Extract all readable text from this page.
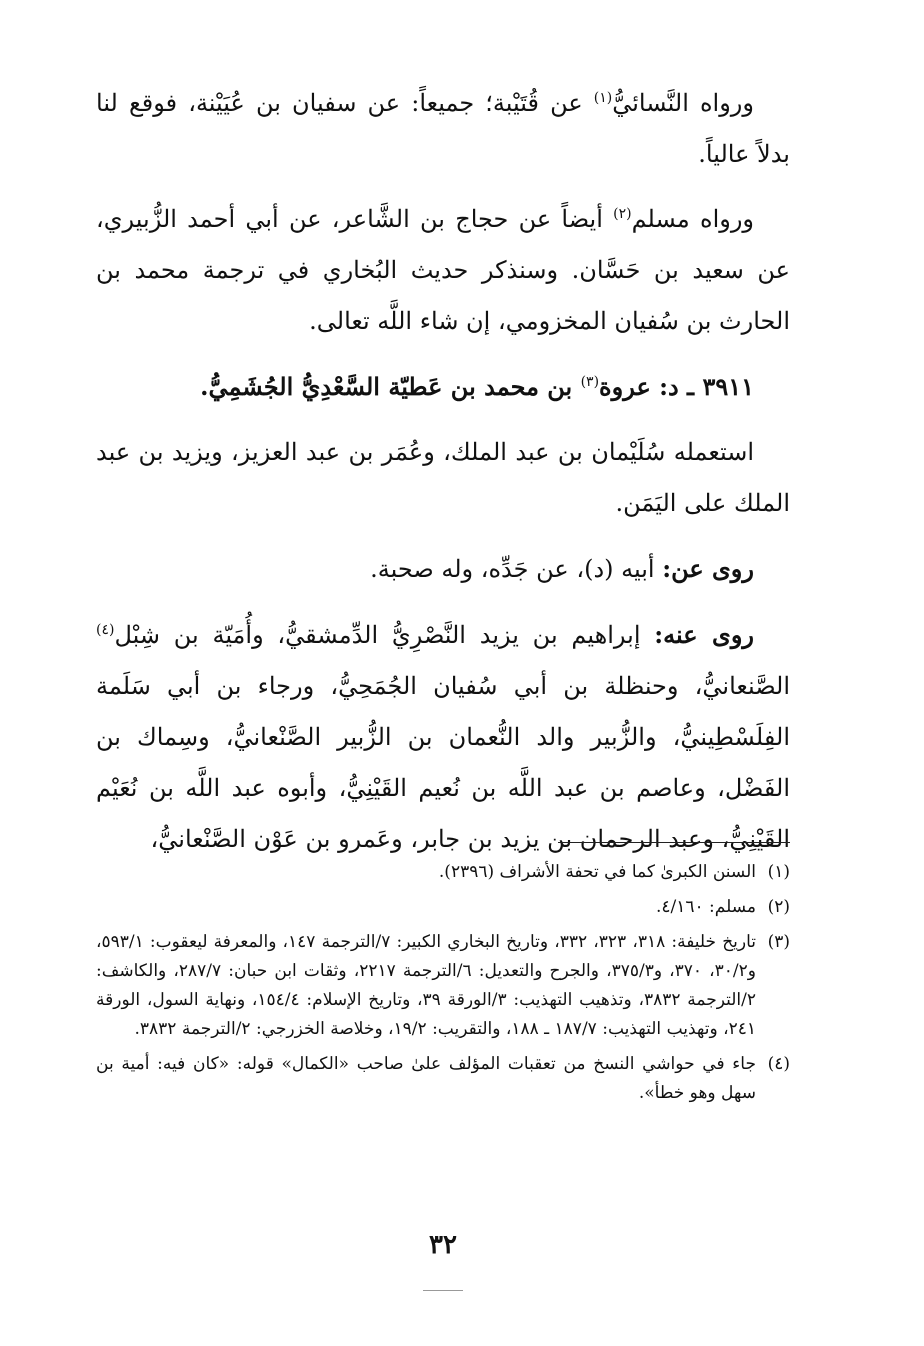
ورواه النَّسائيُّ$^{(١)}$ عن قُتَيْبة؛ جميعاً: عن سفيان بن عُيَيْنة، فوقع لنا بدلاً عالياً.

ورواه مسلم$^{(٢)}$ أيضاً عن حجاج بن الشَّاعر، عن أبي أحمد الزُّبيري، عن سعيد بن حَسَّان. وسنذكر حديث البُخاري في ترجمة محمد بن الحارث بن سُفيان المخزومي، إن شاء اللَّه تعالى.

٣٩١١ ـ د: عروة$^{(٣)}$ بن محمد بن عَطيّة السَّعْدِيُّ الجُشَمِيُّ.

استعمله سُلَيْمان بن عبد الملك، وعُمَر بن عبد العزيز، ويزيد بن عبد الملك على اليَمَن.

روى عن: أبيه (د)، عن جَدِّه، وله صحبة.

روى عنه: إبراهيم بن يزيد النَّصْرِيُّ الدِّمشقيُّ، وأُمَيّة بن شِبْل$^{(٤)}$ الصَّنعانيُّ، وحنظلة بن أبي سُفيان الجُمَحِيُّ، ورجاء بن أبي سَلَمة الفِلَسْطِينيُّ، والزُّبير والد النُّعمان بن الزُّبير الصَّنْعانيُّ، وسِماك بن الفَضْل، وعاصم بن عبد اللَّه بن نُعيم القَيْنِيُّ، وأبوه عبد اللَّه بن نُعَيْم القَيْنِيُّ، وعبد الرحمان بن يزيد بن جابر، وعَمرو بن عَوْن الصَّنْعانيُّ،

(١)
السنن الكبرىٰ كما في تحفة الأشراف (٢٣٩٦).

(٢)
مسلم: ٤/١٦٠.

(٣)
تاريخ خليفة: ٣١٨، ٣٢٣، ٣٣٢، وتاريخ البخاري الكبير: ٧/الترجمة ١٤٧، والمعرفة ليعقوب: ٥٩٣/١، و٣٠/٢، ٣٧٠، و٣٧٥/٣، والجرح والتعديل: ٦/الترجمة ٢٢١٧، وثقات ابن حبان: ٢٨٧/٧، والكاشف: ٢/الترجمة ٣٨٣٢، وتذهيب التهذيب: ٣/الورقة ٣٩، وتاريخ الإسلام: ١٥٤/٤، ونهاية السول، الورقة ٢٤١، وتهذيب التهذيب: ١٨٧/٧ ـ ١٨٨، والتقريب: ١٩/٢، وخلاصة الخزرجي: ٢/الترجمة ٣٨٣٢.

(٤)
جاء في حواشي النسخ من تعقبات المؤلف علىٰ صاحب «الكمال» قوله: «كان فيه: أمية بن سهل وهو خطأ».

٣٢
